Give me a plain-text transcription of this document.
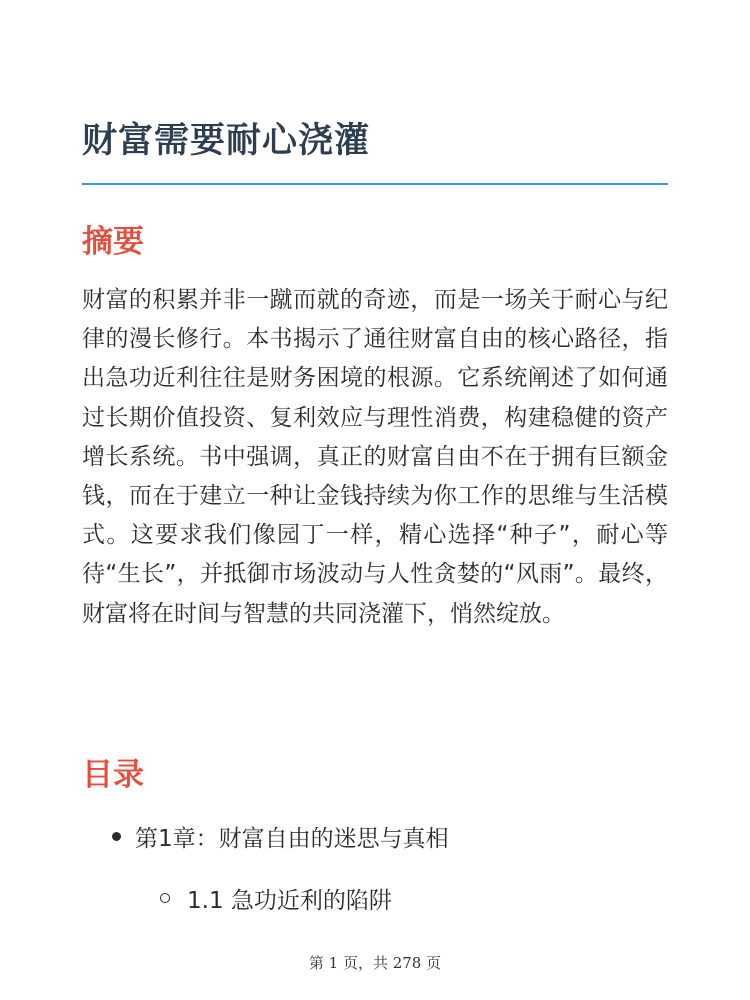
财富需要耐心浇灌
摘要

财富的积累并非一蹴而就的奇迹，而是一场关于耐心与纪律的漫长修行。本书揭示了通往财富自由的核心路径，指出急功近利往往是财务困境的根源。它系统阐述了如何通过长期价值投资、复利效应与理性消费，构建稳健的资产增长系统。书中强调，真正的财富自由不在于拥有巨额金钱，而在于建立一种让金钱持续为你工作的思维与生活模式。这要求我们像园丁一样，精心选择“种子”，耐心等待“生长”，并抵御市场波动与人性贪婪的“风雨”。最终，财富将在时间与智慧的共同浇灌下，悄然绽放。

目录
第1章：财富自由的迷思与真相
1.1 急功近利的陷阱
第 1 页，共 278 页
